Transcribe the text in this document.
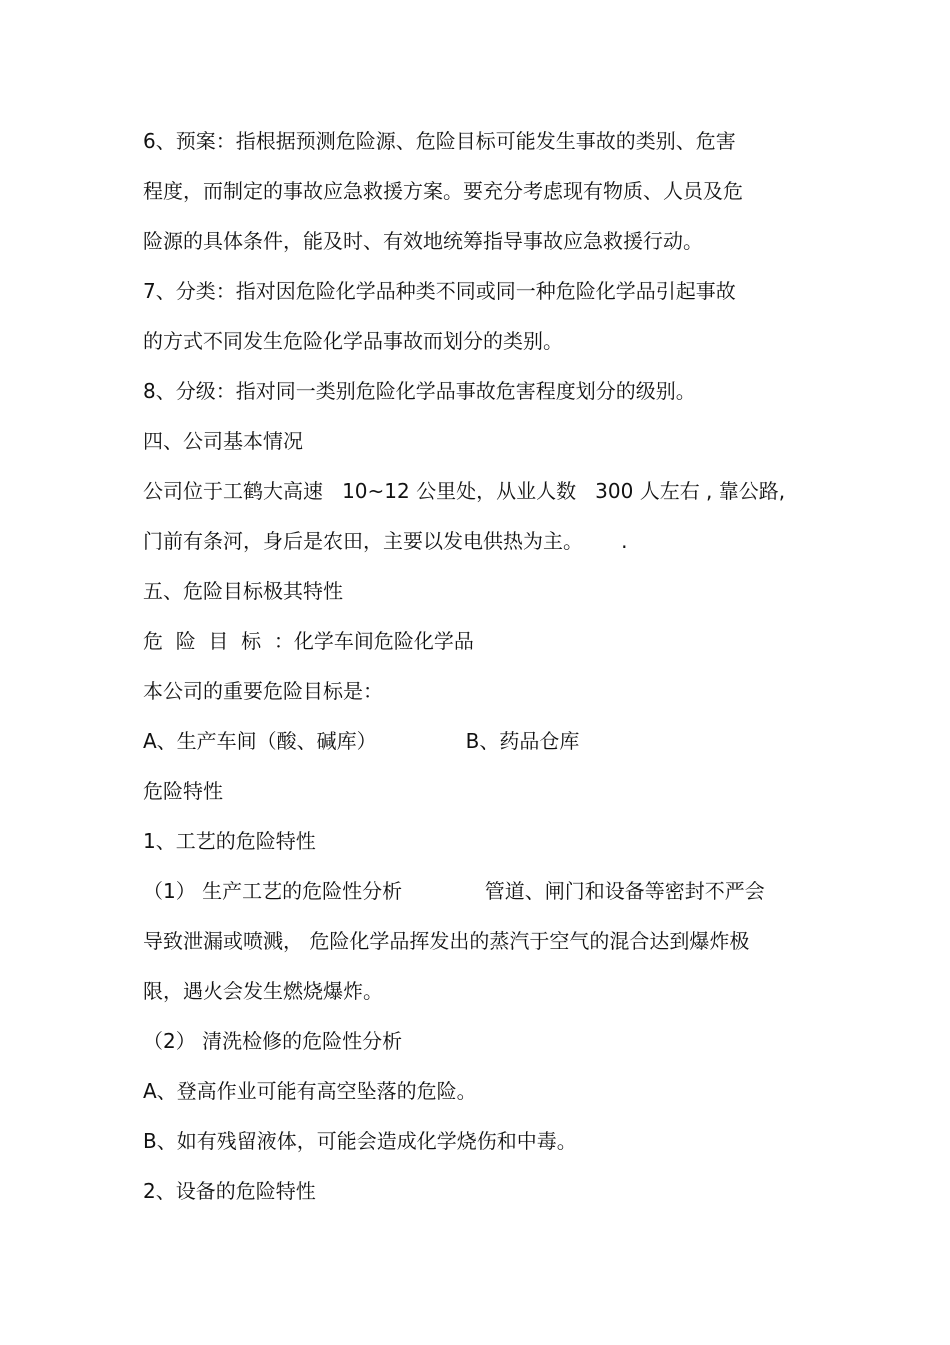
6、预案：指根据预测危险源、危险目标可能发生事故的类别、危害
程度，而制定的事故应急救援方案。要充分考虑现有物质、人员及危
险源的具体条件，能及时、有效地统筹指导事故应急救援行动。
7、分类：指对因危险化学品种类不同或同一种危险化学品引起事故
的方式不同发生危险化学品事故而划分的类别。
8、分级：指对同一类别危险化学品事故危害程度划分的级别。
四、公司基本情况
公司位于工鹤大高速   10~12 公里处，从业人数   300 人左右 , 靠公路,
门前有条河，身后是农田，主要以发电供热为主。      .
五、危险目标极其特性
危  险  目  标  ：化学车间危险化学品
本公司的重要危险目标是：
A、生产车间（酸、碱库）              B、药品仓库
危险特性
1、工艺的危险特性
（1） 生产工艺的危险性分析             管道、闸门和设备等密封不严会
导致泄漏或喷溅， 危险化学品挥发出的蒸汽于空气的混合达到爆炸极
限，遇火会发生燃烧爆炸。
（2） 清洗检修的危险性分析
A、登高作业可能有高空坠落的危险。
B、如有残留液体，可能会造成化学烧伤和中毒。
2、设备的危险特性
